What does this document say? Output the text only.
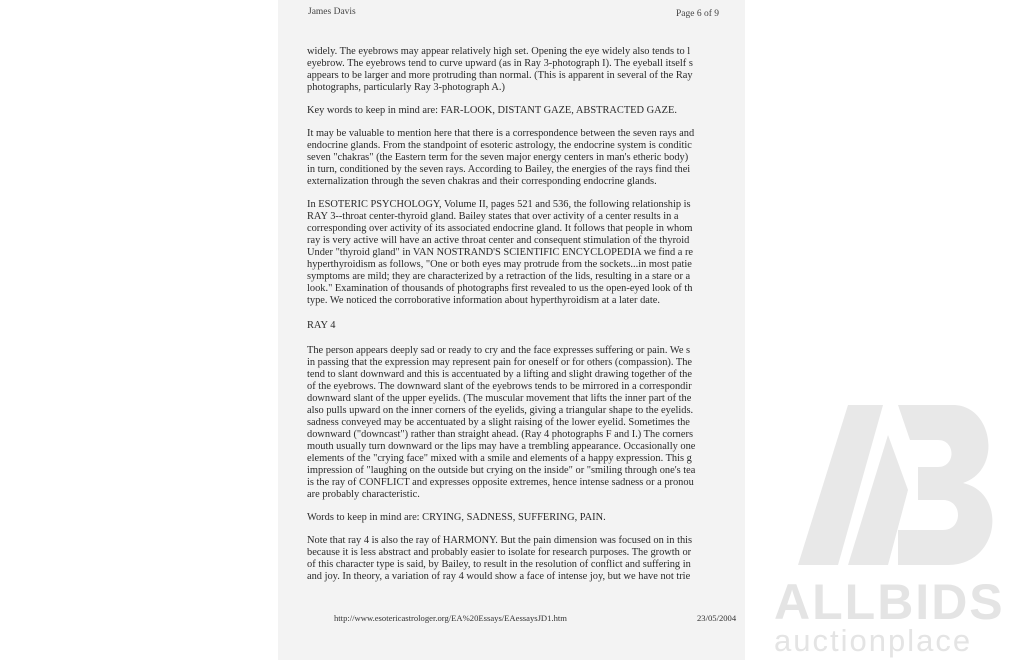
James Davis	Page 6 of 9
widely. The eyebrows may appear relatively high set. Opening the eye widely also tends to l
eyebrow. The eyebrows tend to curve upward (as in Ray 3-photograph I). The eyeball itself s
appears to be larger and more protruding than normal. (This is apparent in several of the Ray
photographs, particularly Ray 3-photograph A.)
Key words to keep in mind are: FAR-LOOK, DISTANT GAZE, ABSTRACTED GAZE.
It may be valuable to mention here that there is a correspondence between the seven rays and
endocrine glands. From the standpoint of esoteric astrology, the endocrine system is conditic
seven "chakras" (the Eastern term for the seven major energy centers in man's etheric body)
in turn, conditioned by the seven rays. According to Bailey, the energies of the rays find thei
externalization through the seven chakras and their corresponding endocrine glands.
In ESOTERIC PSYCHOLOGY, Volume II, pages 521 and 536, the following relationship is
RAY 3--throat center-thyroid gland. Bailey states that over activity of a center results in a
corresponding over activity of its associated endocrine gland. It follows that people in whom
ray is very active will have an active throat center and consequent stimulation of the thyroid
Under "thyroid gland" in VAN NOSTRAND'S SCIENTIFIC ENCYCLOPEDIA we find a re
hyperthyroidism as follows, "One or both eyes may protrude from the sockets...in most patie
symptoms are mild; they are characterized by a retraction of the lids, resulting in a stare or a
look." Examination of thousands of photographs first revealed to us the open-eyed look of th
type. We noticed the corroborative information about hyperthyroidism at a later date.
RAY 4
The person appears deeply sad or ready to cry and the face expresses suffering or pain. We s
in passing that the expression may represent pain for oneself or for others (compassion). The
tend to slant downward and this is accentuated by a lifting and slight drawing together of the
of the eyebrows. The downward slant of the eyebrows tends to be mirrored in a correspondir
downward slant of the upper eyelids. (The muscular movement that lifts the inner part of the
also pulls upward on the inner corners of the eyelids, giving a triangular shape to the eyelids.
sadness conveyed may be accentuated by a slight raising of the lower eyelid. Sometimes the
downward ("downcast") rather than straight ahead. (Ray 4 photographs F and I.) The corners
mouth usually turn downward or the lips may have a trembling appearance. Occasionally one
elements of the "crying face" mixed with a smile and elements of a happy expression. This g
impression of "laughing on the outside but crying on the inside" or "smiling through one's tea
is the ray of CONFLICT and expresses opposite extremes, hence intense sadness or a pronou
are probably characteristic.
Words to keep in mind are: CRYING, SADNESS, SUFFERING, PAIN.
Note that ray 4 is also the ray of HARMONY. But the pain dimension was focused on in this
because it is less abstract and probably easier to isolate for research purposes. The growth or
of this character type is said, by Bailey, to result in the resolution of conflict and suffering in
and joy. In theory, a variation of ray 4 would show a face of intense joy, but we have not trie
http://www.esotericastrologer.org/EA%20Essays/EAessaysJD1.htm	23/05/2004 ALLBIDS
auctionplace
